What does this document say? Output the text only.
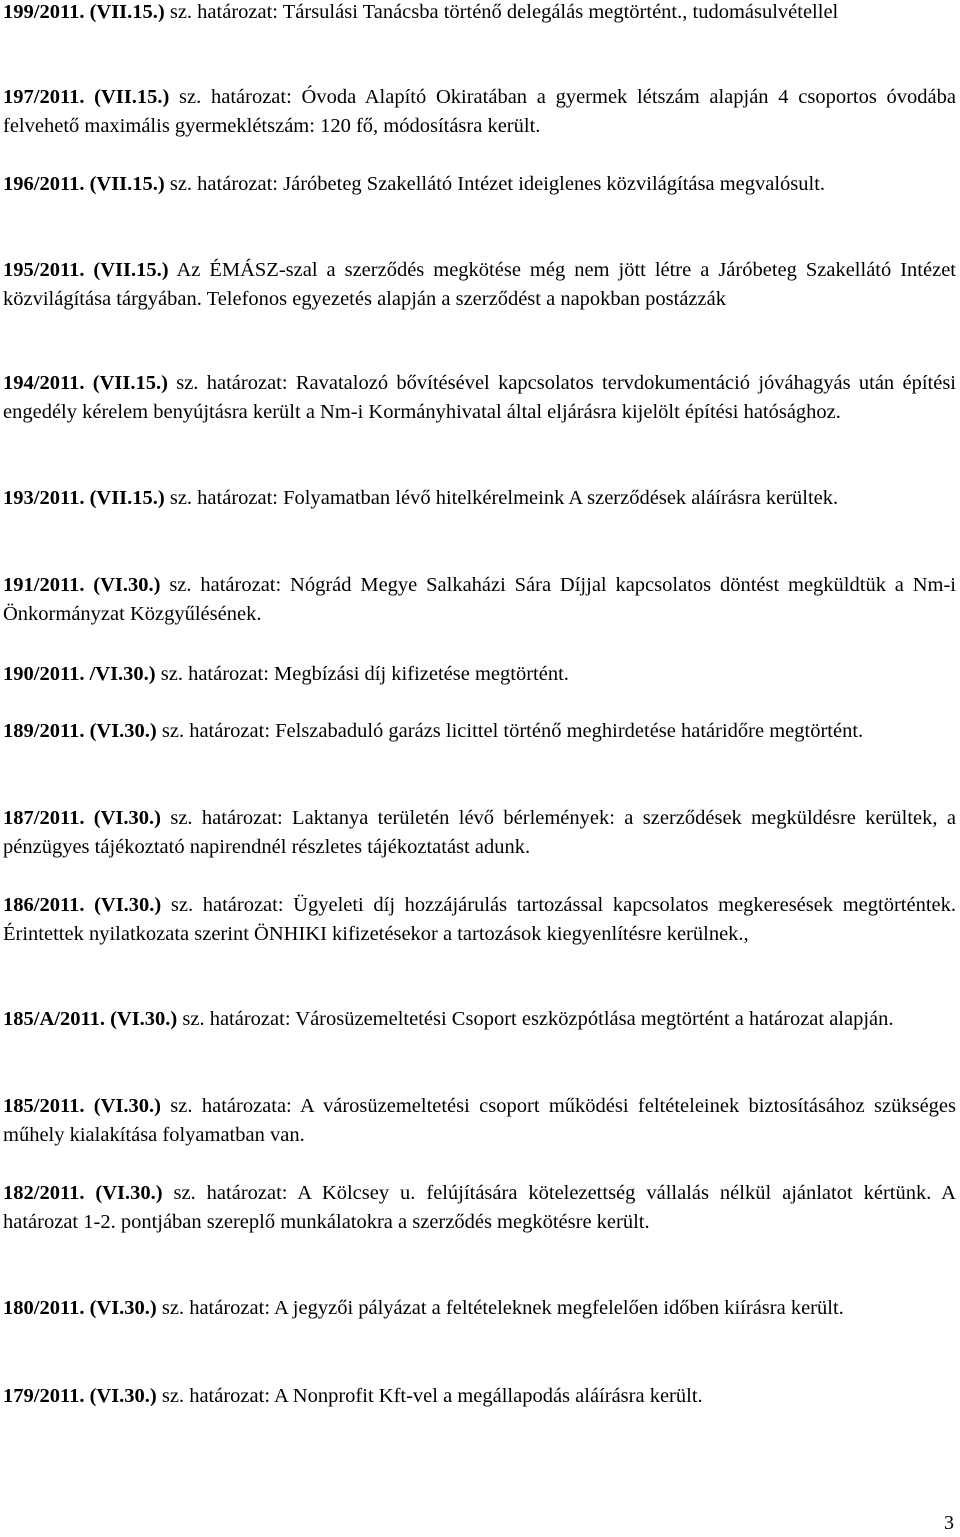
199/2011. (VII.15.) sz. határozat: Társulási Tanácsba történő delegálás megtörtént., tudomásulvétellel

197/2011. (VII.15.) sz. határozat: Óvoda Alapító Okiratában a gyermek létszám alapján 4 csoportos óvodába felvehető maximális gyermeklétszám: 120 fő, módosításra került.

196/2011. (VII.15.) sz. határozat: Járóbeteg Szakellátó Intézet ideiglenes közvilágítása megvalósult.

195/2011. (VII.15.) Az ÉMÁSZ-szal a szerződés megkötése még nem jött létre a Járóbeteg Szakellátó Intézet közvilágítása tárgyában. Telefonos egyezetés alapján a szerződést a napokban postázzák

194/2011. (VII.15.) sz. határozat: Ravatalozó bővítésével kapcsolatos tervdokumentáció jóváhagyás után építési engedély kérelem benyújtásra került a Nm-i Kormányhivatal által eljárásra kijelölt építési hatósághoz.

193/2011. (VII.15.) sz. határozat: Folyamatban lévő hitelkérelmeink A szerződések aláírásra kerültek.

191/2011. (VI.30.) sz. határozat: Nógrád Megye Salkaházi Sára Díjjal kapcsolatos döntést megküldtük a Nm-i Önkormányzat Közgyűlésének.

190/2011. /VI.30.) sz. határozat: Megbízási díj kifizetése megtörtént.

189/2011. (VI.30.) sz. határozat: Felszabaduló garázs licittel történő meghirdetése határidőre megtörtént.

187/2011. (VI.30.) sz. határozat: Laktanya területén lévő bérlemények: a szerződések megküldésre kerültek, a pénzügyes tájékoztató napirendnél részletes tájékoztatást adunk.

186/2011. (VI.30.) sz. határozat: Ügyeleti díj hozzájárulás tartozással kapcsolatos megkeresések megtörténtek. Érintettek nyilatkozata szerint ÖNHIKI kifizetésekor a tartozások kiegyenlítésre kerülnek.,

185/A/2011. (VI.30.) sz. határozat: Városüzemeltetési Csoport eszközpótlása megtörtént a határozat alapján.

185/2011. (VI.30.) sz. határozata: A városüzemeltetési csoport működési feltételeinek biztosításához szükséges műhely kialakítása folyamatban van.

182/2011. (VI.30.) sz. határozat: A Kölcsey u. felújítására kötelezettség vállalás nélkül ajánlatot kértünk. A határozat 1-2. pontjában szereplő munkálatokra a szerződés megkötésre került.

180/2011. (VI.30.) sz. határozat: A jegyzői pályázat a feltételeknek megfelelően időben kiírásra került.

179/2011. (VI.30.) sz. határozat: A Nonprofit Kft-vel a megállapodás aláírásra került.

3
